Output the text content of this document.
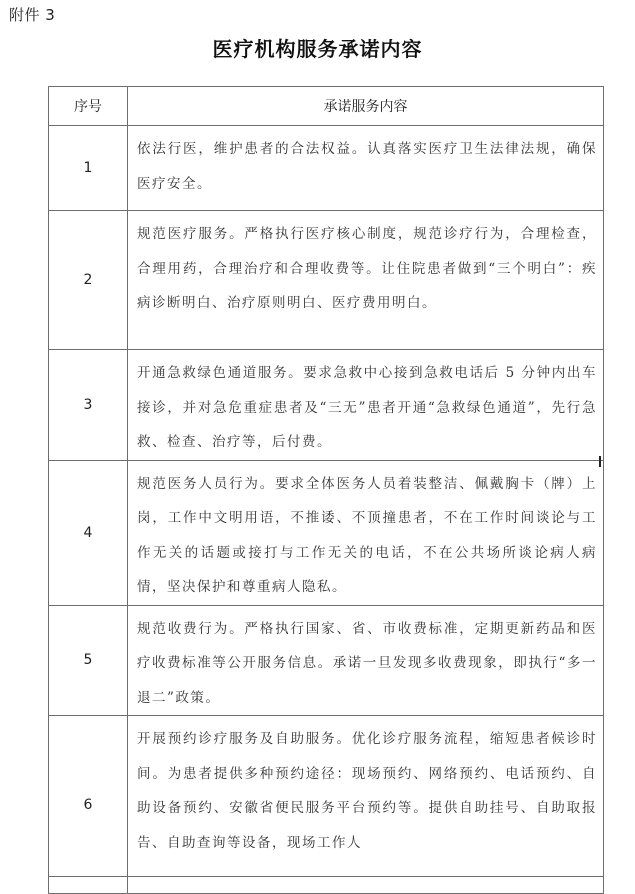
附件 3
医疗机构服务承诺内容
序号	承诺服务内容
1	依法行医，维护患者的合法权益。认真落实医疗卫生法律法规，确保医疗安全。
2	规范医疗服务。严格执行医疗核心制度，规范诊疗行为，合理检查，合理用药，合理治疗和合理收费等。让住院患者做到“三个明白”：疾病诊断明白、治疗原则明白、医疗费用明白。
3	开通急救绿色通道服务。要求急救中心接到急救电话后 5 分钟内出车接诊，并对急危重症患者及“三无”患者开通“急救绿色通道”，先行急救、检查、治疗等，后付费。
4	规范医务人员行为。要求全体医务人员着装整洁、佩戴胸卡（牌）上岗，工作中文明用语，不推诿、不顶撞患者，不在工作时间谈论与工作无关的话题或接打与工作无关的电话，不在公共场所谈论病人病情，坚决保护和尊重病人隐私。
5	规范收费行为。严格执行国家、省、市收费标准，定期更新药品和医疗收费标准等公开服务信息。承诺一旦发现多收费现象，即执行“多一退二”政策。
6	开展预约诊疗服务及自助服务。优化诊疗服务流程，缩短患者候诊时间。为患者提供多种预约途径：现场预约、网络预约、电话预约、自助设备预约、安徽省便民服务平台预约等。提供自助挂号、自助取报告、自助查询等设备，现场工作人
